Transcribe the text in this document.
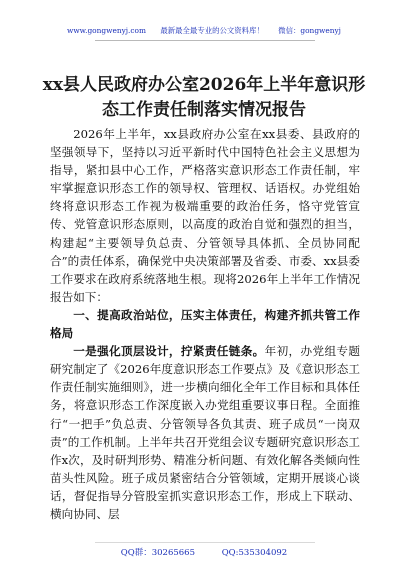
www.gongwenyj.com 最新最全最专业的公文资料库！ 微信：gongwenyj
xx县人民政府办公室2026年上半年意识形态工作责任制落实情况报告

2026年上半年，xx县政府办公室在xx县委、县政府的坚强领导下，坚持以习近平新时代中国特色社会主义思想为指导，紧扣县中心工作，严格落实意识形态工作责任制，牢牢掌握意识形态工作的领导权、管理权、话语权。办党组始终将意识形态工作视为极端重要的政治任务，恪守党管宣传、党管意识形态原则，以高度的政治自觉和强烈的担当，构建起“主要领导负总责、分管领导具体抓、全员协同配合”的责任体系，确保党中央决策部署及省委、市委、xx县委工作要求在政府系统落地生根。现将2026年上半年工作情况报告如下：

一、提高政治站位，压实主体责任，构建齐抓共管工作格局

一是强化顶层设计，拧紧责任链条。年初，办党组专题研究制定了《2026年度意识形态工作要点》及《意识形态工作责任制实施细则》，进一步横向细化全年工作目标和具体任务，将意识形态工作深度嵌入办党组重要议事日程。全面推行“一把手”负总责、分管领导各负其责、班子成员“一岗双责”的工作机制。上半年共召开党组会议专题研究意识形态工作x次，及时研判形势、精准分析问题、有效化解各类倾向性苗头性风险。班子成员紧密结合分管领域，定期开展谈心谈话，督促指导分管股室抓实意识形态工作，形成上下联动、横向协同、层

QQ群：30265665	QQ:535304092
